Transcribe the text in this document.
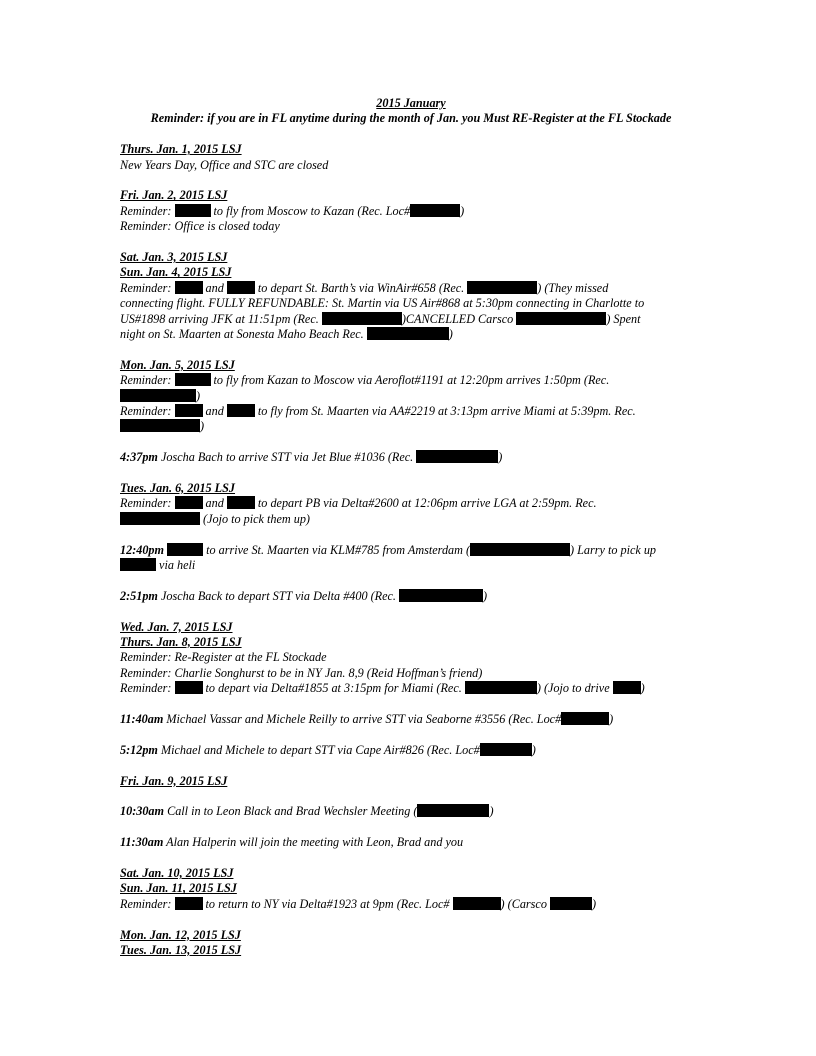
2015 January
Reminder: if you are in FL anytime during the month of Jan. you Must RE-Register at the FL Stockade
Thurs. Jan. 1, 2015 LSJ
New Years Day, Office and STC are closed
Fri. Jan. 2, 2015 LSJ
Reminder:	to fly from Moscow to Kazan (Rec. Loc#	)
Reminder: Office is closed today
Sat. Jan. 3, 2015 LSJ
Sun. Jan. 4, 2015 LSJ
Reminder:  and  to depart St. Barth’s via WinAir#658 (Rec.	) (They missed
connecting flight. FULLY REFUNDABLE: St. Martin via US Air#868 at 5:30pm connecting in Charlotte to
US#1898 arriving JFK at 11:51pm (Rec.	)CANCELLED Carsco	) Spent
night on St. Maarten at Sonesta Maho Beach Rec.	)
Mon. Jan. 5, 2015 LSJ
Reminder:	to fly from Kazan to Moscow via Aeroflot#1191 at 12:20pm arrives 1:50pm (Rec.
)
Reminder:  and  to fly from St. Maarten via AA#2219 at 3:13pm arrive Miami at 5:39pm. Rec.
)
4:37pm Joscha Bach to arrive STT via Jet Blue #1036 (Rec.	)
Tues. Jan. 6, 2015 LSJ
Reminder:  and  to depart PB via Delta#2600 at 12:06pm arrive LGA at 2:59pm. Rec.
(Jojo to pick them up)
12:40pm	to arrive St. Maarten via KLM#785 from Amsterdam (	) Larry to pick up
via heli
2:51pm Joscha Back to depart STT via Delta #400 (Rec.	)
Wed. Jan. 7, 2015 LSJ
Thurs. Jan. 8, 2015 LSJ
Reminder: Re-Register at the FL Stockade
Reminder: Charlie Songhurst to be in NY Jan. 8,9 (Reid Hoffman’s friend)
Reminder:  to depart via Delta#1855 at 3:15pm for Miami (Rec.	) (Jojo to drive )
11:40am Michael Vassar and Michele Reilly to arrive STT via Seaborne #3556 (Rec. Loc#	)
5:12pm Michael and Michele to depart STT via Cape Air#826 (Rec. Loc#	)
Fri. Jan. 9, 2015 LSJ
10:30am Call in to Leon Black and Brad Wechsler Meeting (	)
11:30am Alan Halperin will join the meeting with Leon, Brad and you
Sat. Jan. 10, 2015 LSJ
Sun. Jan. 11, 2015 LSJ
Reminder:  to return to NY via Delta#1923 at 9pm (Rec. Loc#	) (Carsco	)
Mon. Jan. 12, 2015 LSJ
Tues. Jan. 13, 2015 LSJ
